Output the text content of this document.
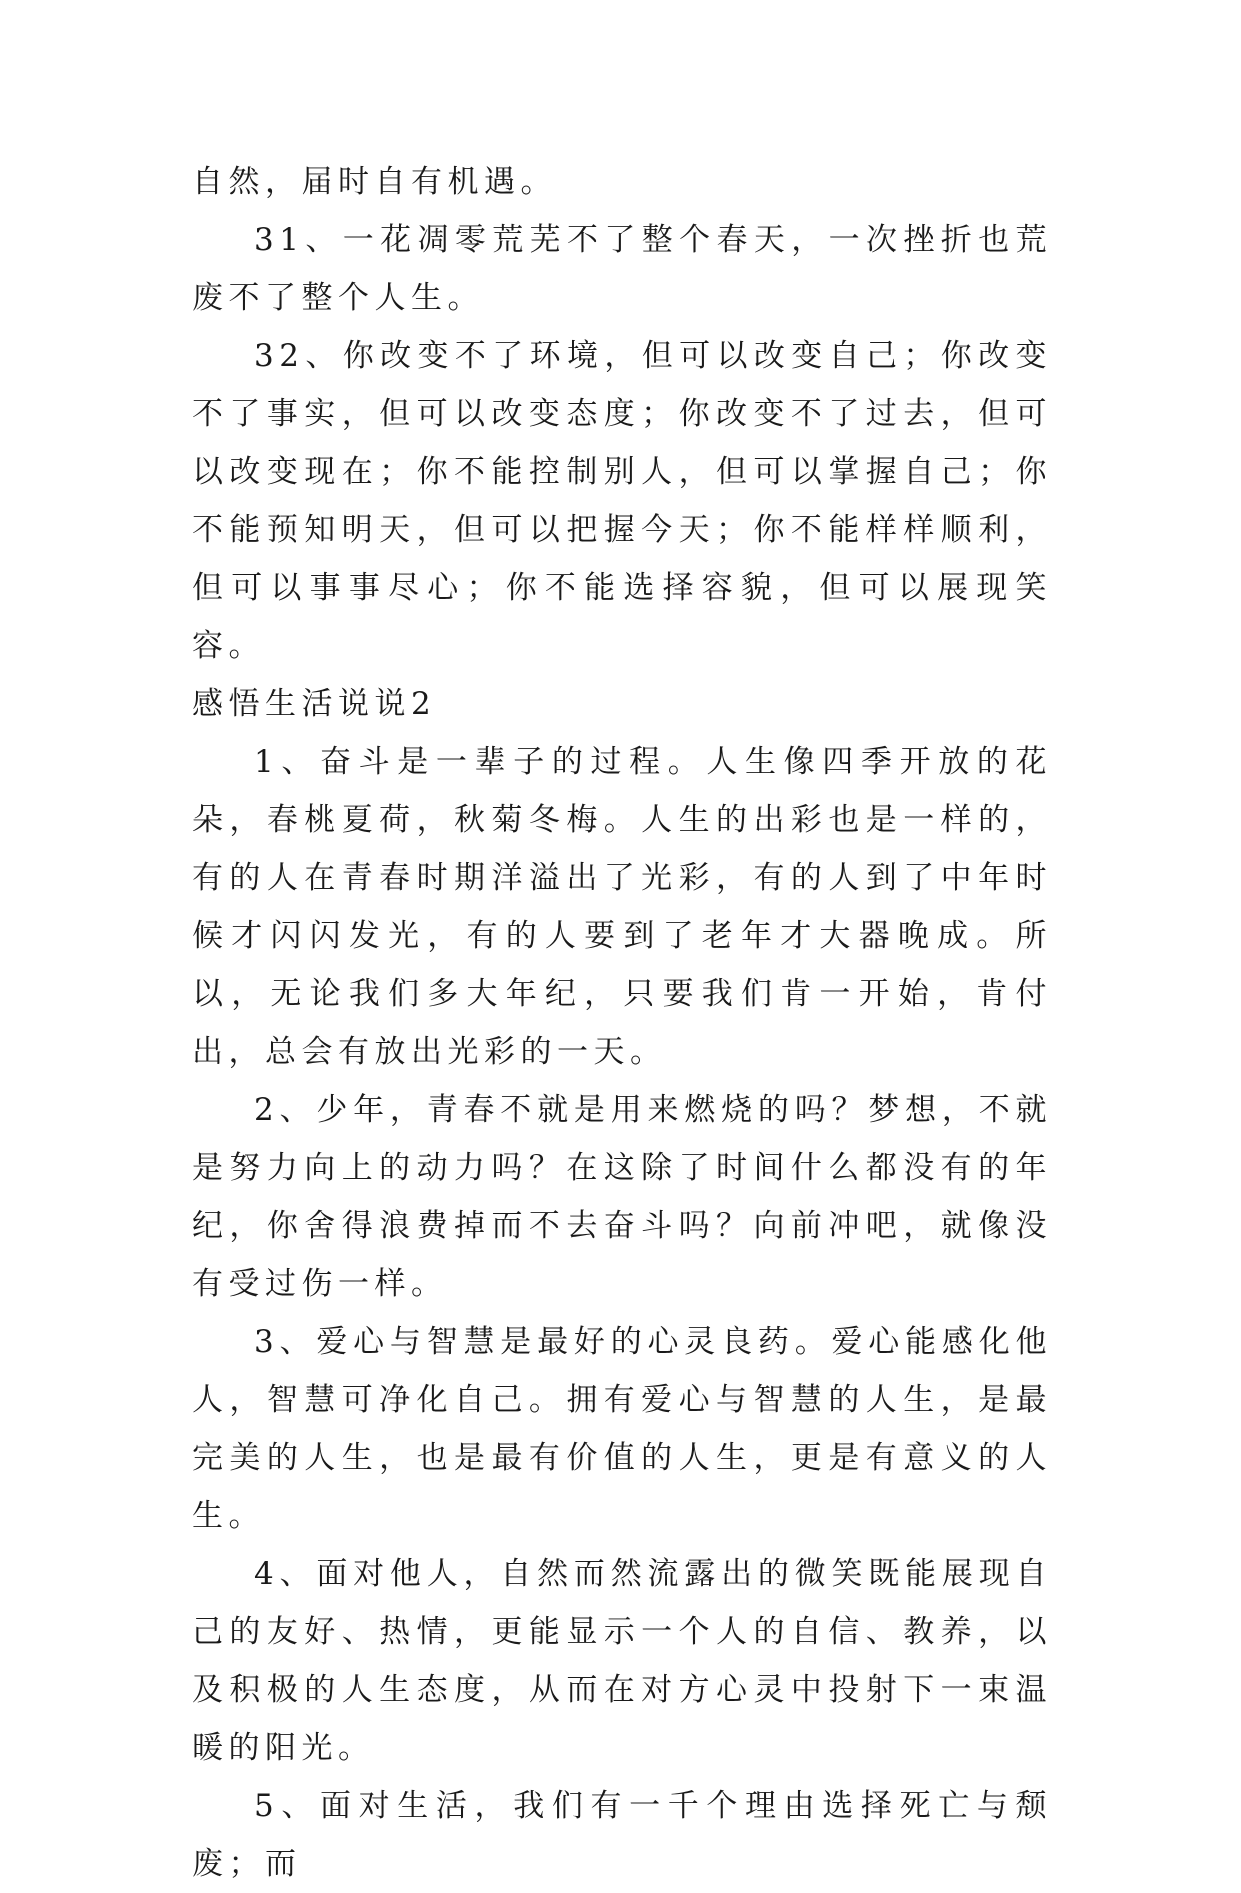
自然，届时自有机遇。

31、一花凋零荒芜不了整个春天，一次挫折也荒废不了整个人生。

32、你改变不了环境，但可以改变自己；你改变不了事实，但可以改变态度；你改变不了过去，但可以改变现在；你不能控制别人，但可以掌握自己；你不能预知明天，但可以把握今天；你不能样样顺利，但可以事事尽心；你不能选择容貌，但可以展现笑容。

感悟生活说说2

1、奋斗是一辈子的过程。人生像四季开放的花朵，春桃夏荷，秋菊冬梅。人生的出彩也是一样的，有的人在青春时期洋溢出了光彩，有的人到了中年时候才闪闪发光，有的人要到了老年才大器晚成。所以，无论我们多大年纪，只要我们肯一开始，肯付出，总会有放出光彩的一天。

2、少年，青春不就是用来燃烧的吗？梦想，不就是努力向上的动力吗？在这除了时间什么都没有的年纪，你舍得浪费掉而不去奋斗吗？向前冲吧，就像没有受过伤一样。

3、爱心与智慧是最好的心灵良药。爱心能感化他人，智慧可净化自己。拥有爱心与智慧的人生，是最完美的人生，也是最有价值的人生，更是有意义的人生。

4、面对他人，自然而然流露出的微笑既能展现自己的友好、热情，更能显示一个人的自信、教养，以及积极的人生态度，从而在对方心灵中投射下一束温暖的阳光。

5、面对生活，我们有一千个理由选择死亡与颓废；而
